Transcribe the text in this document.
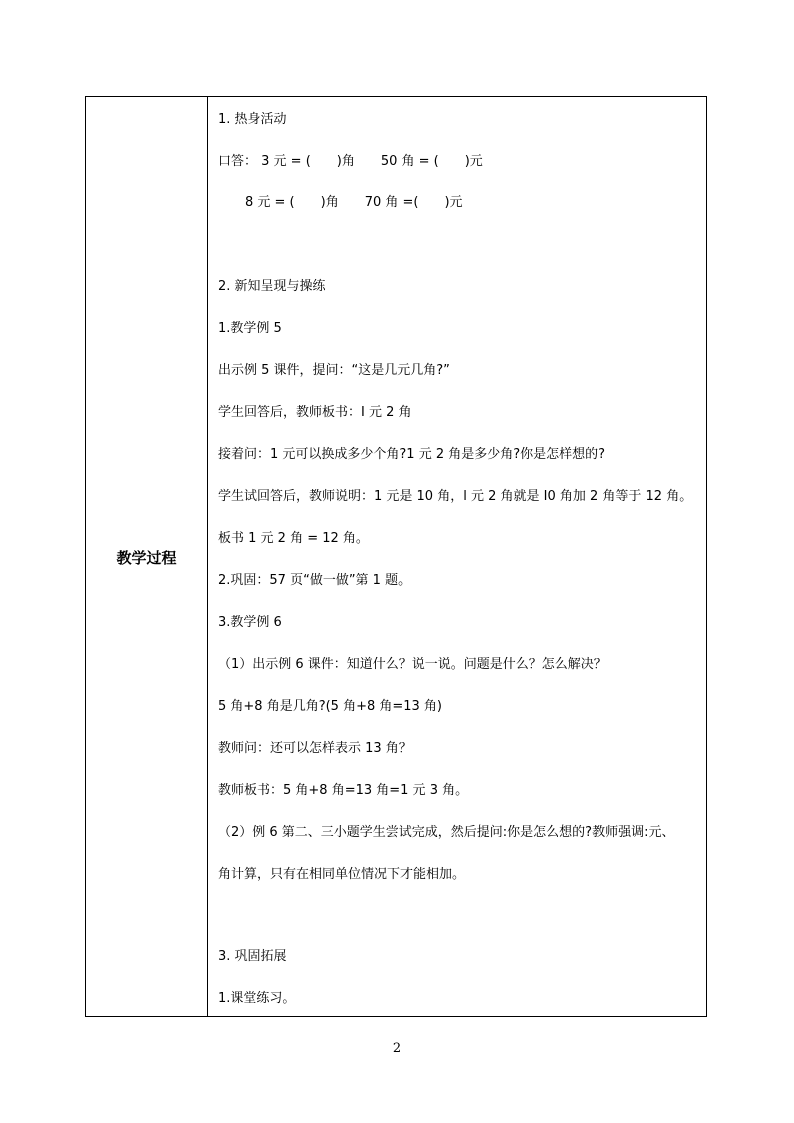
教学过程
1. 热身活动
口答： 3 元 = (　　)角　　50 角 = (　　)元
8 元 = (　　)角　　70 角 =(　　)元
2. 新知呈现与操练
1.教学例 5
出示例 5 课件，提问：“这是几元几角?”
学生回答后，教师板书：I 元 2 角
接着问：1 元可以换成多少个角?1 元 2 角是多少角?你是怎样想的?
学生试回答后，教师说明：1 元是 10 角，l 元 2 角就是 I0 角加 2 角等于 12 角。
板书 1 元 2 角 = 12 角。
2.巩固：57 页“做一做”第 1 题。
3.教学例 6
（1）出示例 6 课件：知道什么？说一说。问题是什么？怎么解决？
5 角+8 角是几角?(5 角+8 角=13 角)
教师问：还可以怎样表示 13 角？
教师板书：5 角+8 角=13 角=1 元 3 角。
（2）例 6 第二、三小题学生尝试完成，然后提问:你是怎么想的?教师强调:元、
角计算，只有在相同单位情况下才能相加。
3. 巩固拓展
1.课堂练习。
2
